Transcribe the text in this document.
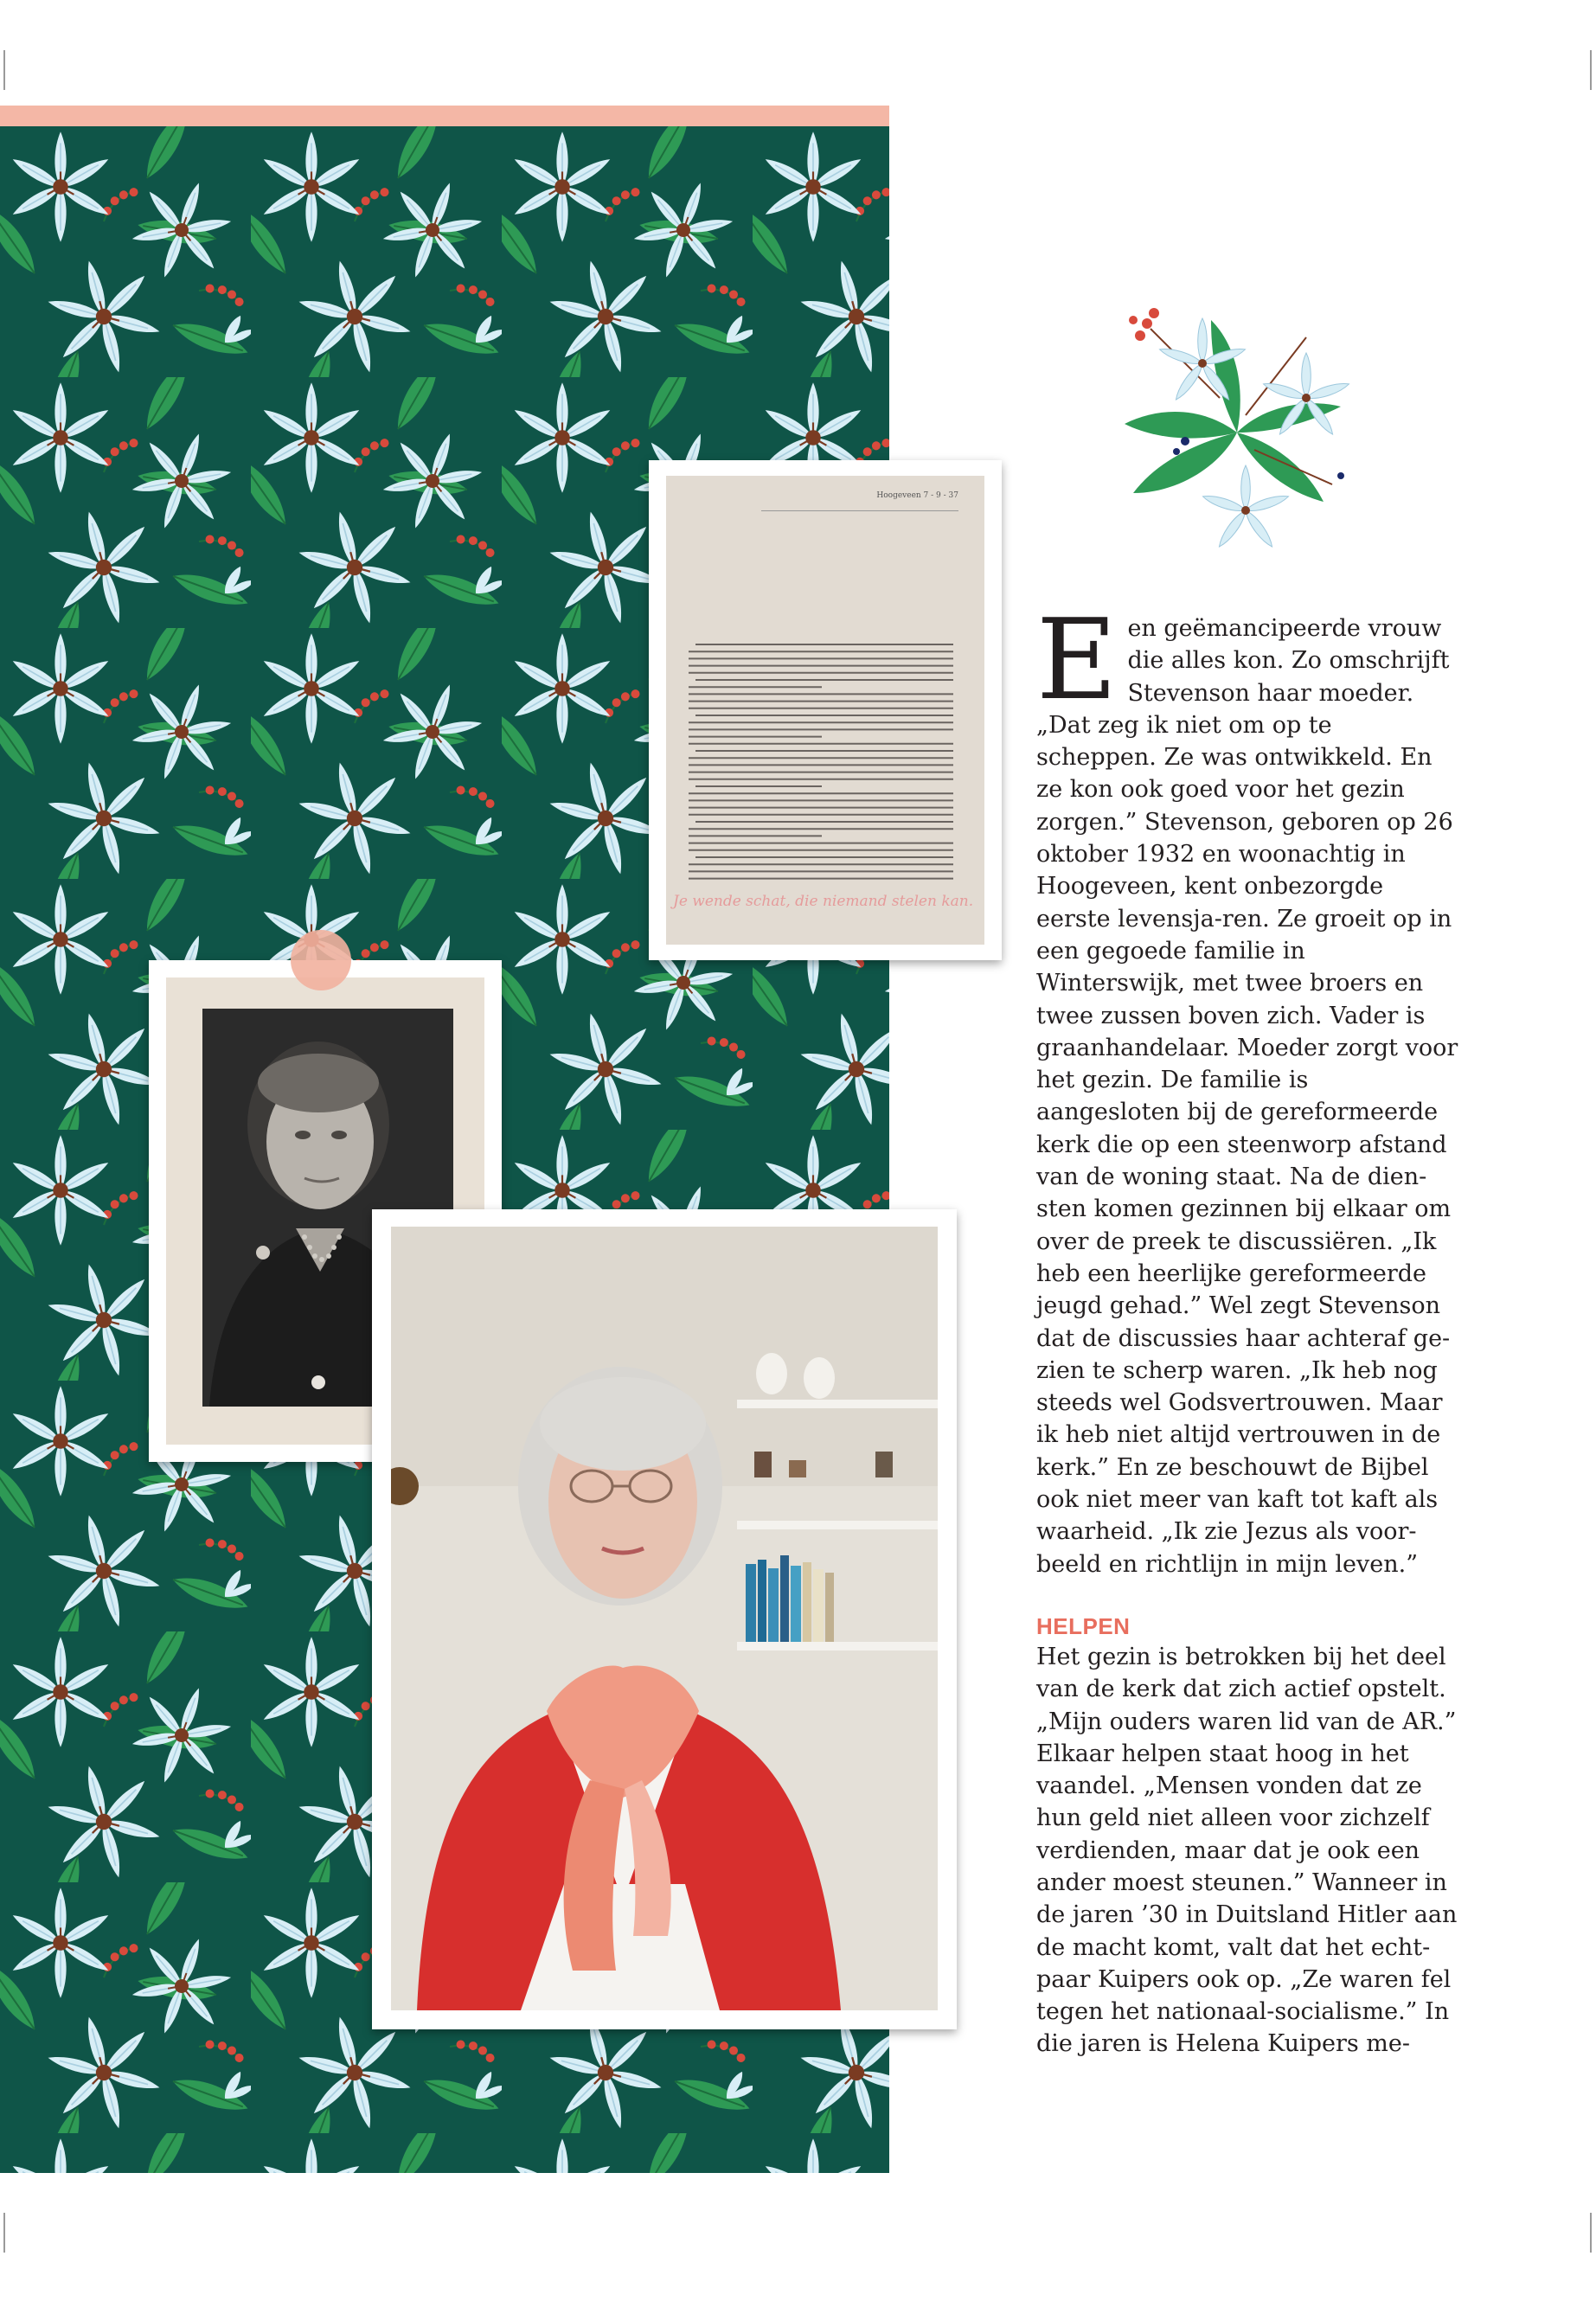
Hoogeveen 7 - 9 - 37
Je wende schat, die niemand stelen kan.

Een geëmancipeerde vrouw die alles kon. Zo omschrijft Stevenson haar moeder. „Dat zeg ik niet om op te scheppen. Ze was ontwikkeld. En ze kon ook goed voor het gezin zorgen.” Stevenson, geboren op 26 oktober 1932 en woonachtig in Hoogeveen, kent onbezorgde eerste levensja-ren. Ze groeit op in een gegoede familie in Winterswijk, met twee broers en twee zussen boven zich. Vader is graanhandelaar. Moeder zorgt voor het gezin. De familie is aangesloten bij de gereformeerde kerk die op een steenworp afstand van de woning staat. Na de dien-sten komen gezinnen bij elkaar om over de preek te discussiëren. „Ik heb een heerlijke gereformeerde jeugd gehad.” Wel zegt Stevenson dat de discussies haar achteraf ge-zien te scherp waren. „Ik heb nog steeds wel Godsvertrouwen. Maar ik heb niet altijd vertrouwen in de kerk.” En ze beschouwt de Bijbel ook niet meer van kaft tot kaft als waarheid. „Ik zie Jezus als voor-beeld en richtlijn in mijn leven.”

HELPEN

Het gezin is betrokken bij het deel van de kerk dat zich actief opstelt. „Mijn ouders waren lid van de AR.” Elkaar helpen staat hoog in het vaandel. „Mensen vonden dat ze hun geld niet alleen voor zichzelf verdienden, maar dat je ook een ander moest steunen.” Wanneer in de jaren ’30 in Duitsland Hitler aan de macht komt, valt dat het echt-paar Kuipers ook op. „Ze waren fel tegen het nationaal-socialisme.” In die jaren is Helena Kuipers me-
